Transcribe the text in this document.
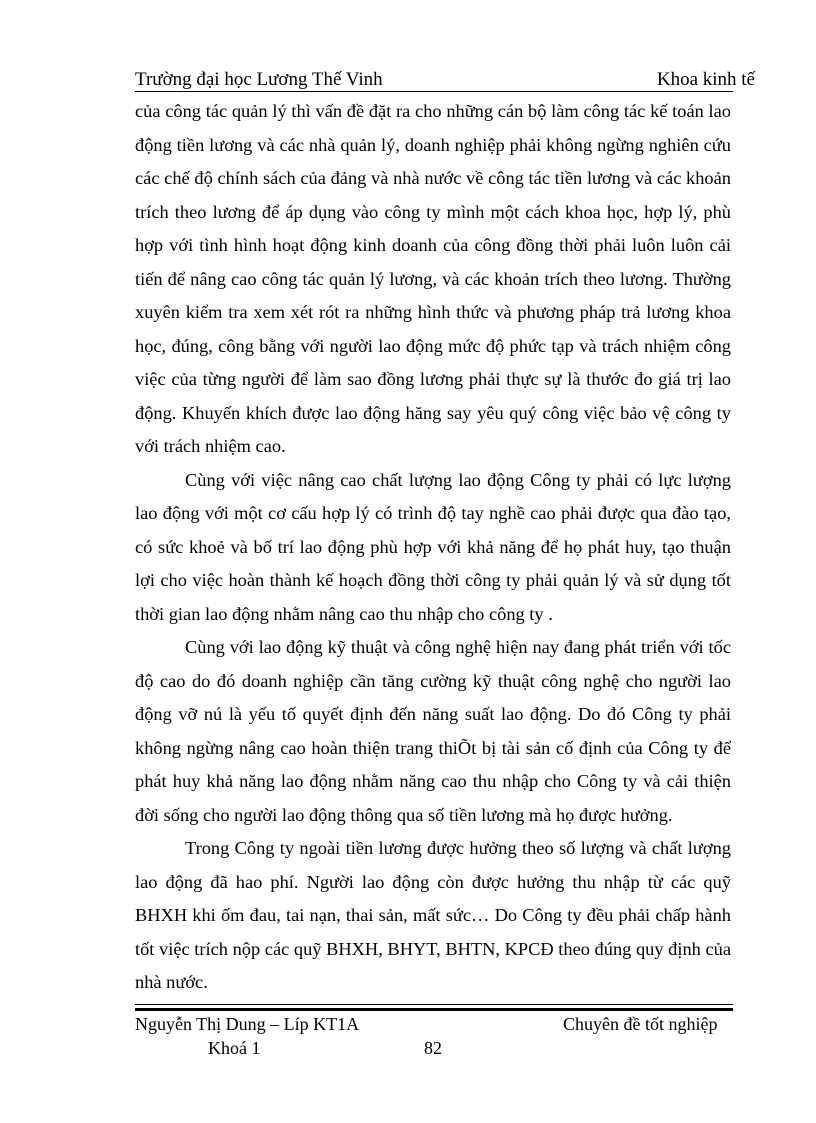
Trường đại học Lương Thế Vinh	Khoa kinh tế

của công tác quản lý thì vấn đề đặt ra cho những cán bộ làm công tác kế toán lao động tiền lương và các nhà quản lý, doanh nghiệp phải không ngừng nghiên cứu các chế độ chính sách của đảng và nhà nước về công tác tiền lương và các khoản trích theo lương để áp dụng vào công ty mình một cách khoa học, hợp lý, phù hợp với tình hình hoạt động kinh doanh của công đồng thời phải luôn luôn cải tiến để nâng cao công tác quản lý lương, và các khoản trích theo lương. Thường xuyên kiểm tra xem xét rót ra những hình thức và phương pháp trả lương khoa học, đúng, công bằng với người lao động mức độ phức tạp và trách nhiệm công việc của từng người để làm sao đồng lương phải thực sự là thước đo giá trị lao động. Khuyến khích được lao động hăng say yêu quý công việc bảo vệ công ty với trách nhiệm cao.

Cùng với việc nâng cao chất lượng lao động Công ty phải có lực lượng lao động với một cơ cấu hợp lý có trình độ tay nghề cao phải được qua đào tạo, có sức khoẻ và bố trí lao động phù hợp với khả năng để họ phát huy, tạo thuận lợi cho việc hoàn thành kế hoạch đồng thời công ty phải quản lý và sử dụng tốt thời gian lao động nhằm nâng cao thu nhập cho công ty .

Cùng với lao động kỹ thuật và công nghệ hiện nay đang phát triển với tốc độ cao do đó doanh nghiệp cần tăng cường kỹ thuật công nghệ cho người lao động vỡ nú là yếu tố quyết định đến năng suất lao động. Do đó Công ty phải không ngừng nâng cao hoàn thiện trang thiÕt bị tài sản cố định của Công ty để phát huy khả năng lao động nhằm năng cao thu nhập cho Công ty và cải thiện đời sống cho người lao động thông qua số tiền lương mà họ được hưởng.

Trong Công ty ngoài tiền lương được hưởng theo số lượng và chất lượng lao động đã hao phí. Người lao động còn được hưởng thu nhập từ các quỹ BHXH khi ốm đau, tai nạn, thai sản, mất sức… Do Công ty đều phải chấp hành tốt việc trích nộp các quỹ BHXH, BHYT, BHTN, KPCĐ theo đúng quy định của nhà nước.

Nguyễn Thị Dung – Líp KT1A	Chuyên đề tốt nghiệp
Khoá 1	82
